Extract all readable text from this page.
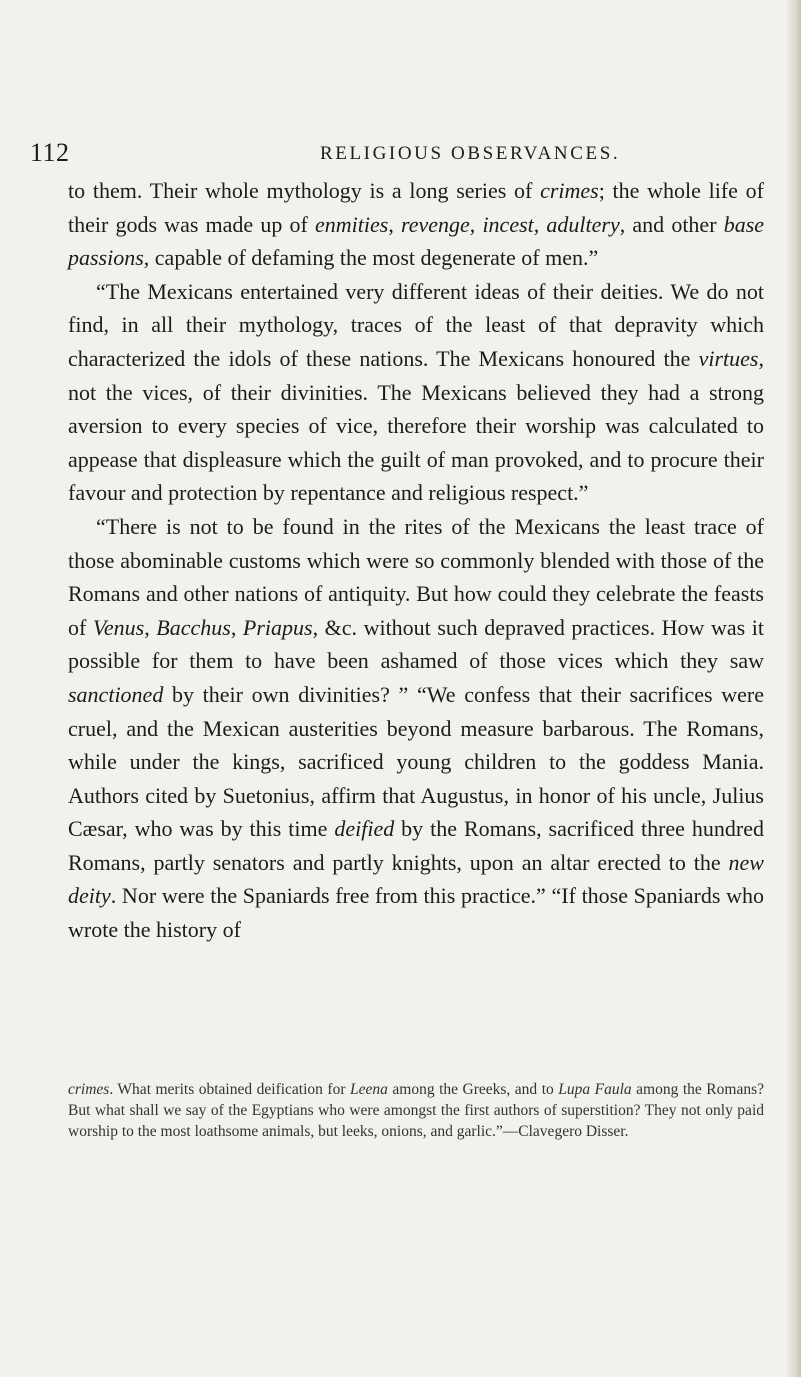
112	RELIGIOUS OBSERVANCES.

to them. Their whole mythology is a long series of crimes; the whole life of their gods was made up of enmities, revenge, incest, adultery, and other base passions, capable of defaming the most degenerate of men.”

“The Mexicans entertained very different ideas of their deities. We do not find, in all their mythology, traces of the least of that depravity which characterized the idols of these nations. The Mexicans honoured the virtues, not the vices, of their divinities. The Mexicans believed they had a strong aversion to every species of vice, therefore their worship was calculated to appease that displeasure which the guilt of man provoked, and to procure their favour and protection by repentance and religious respect.”

“There is not to be found in the rites of the Mexicans the least trace of those abominable customs which were so commonly blended with those of the Romans and other nations of antiquity. But how could they celebrate the feasts of Venus, Bacchus, Priapus, &c. without such depraved practices. How was it possible for them to have been ashamed of those vices which they saw sanctioned by their own divinities? ” “We confess that their sacrifices were cruel, and the Mexican austerities beyond measure barbarous. The Romans, while under the kings, sacrificed young children to the goddess Mania. Authors cited by Suetonius, affirm that Augustus, in honor of his uncle, Julius Cæsar, who was by this time deified by the Romans, sacrificed three hundred Romans, partly senators and partly knights, upon an altar erected to the new deity. Nor were the Spaniards free from this practice.” “If those Spaniards who wrote the history of

crimes. What merits obtained deification for Leena among the Greeks, and to Lupa Faula among the Romans? But what shall we say of the Egyptians who were amongst the first authors of superstition? They not only paid worship to the most loathsome animals, but leeks, onions, and garlic.”—Clavegero Disser.
